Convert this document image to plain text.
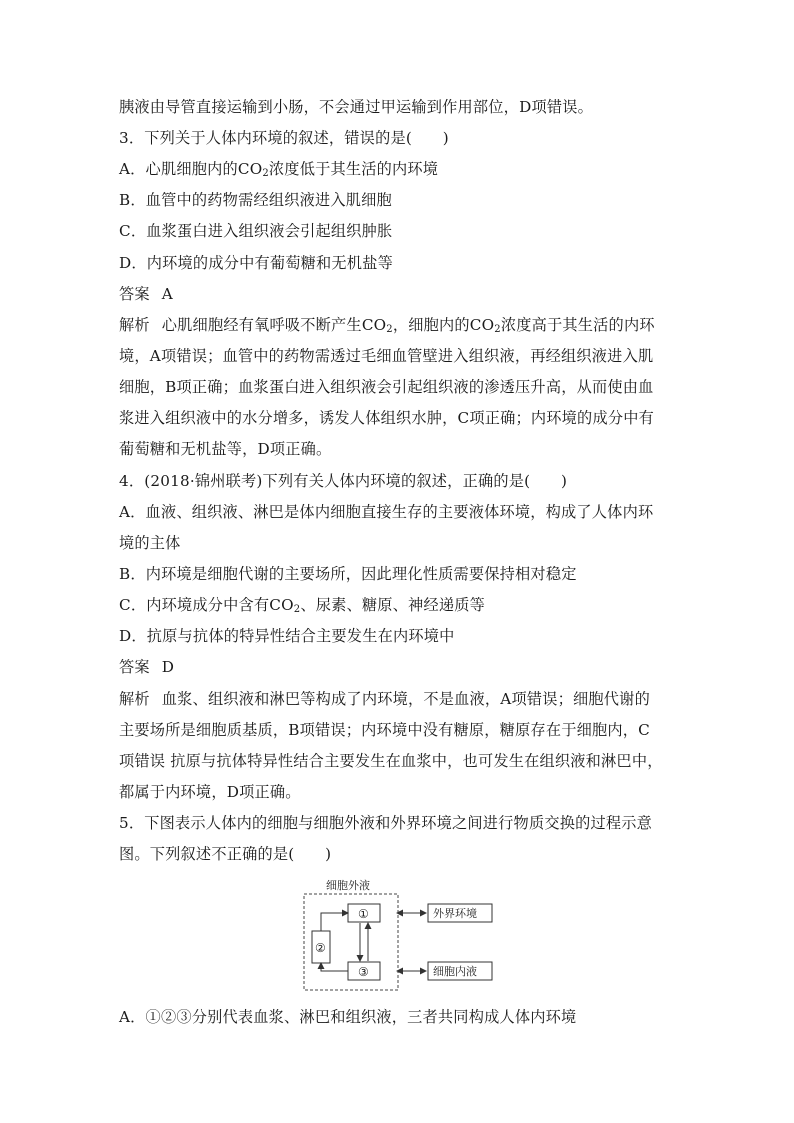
胰液由导管直接运输到小肠，不会通过甲运输到作用部位，D项错误。
3．下列关于人体内环境的叙述，错误的是(　　)
A．心肌细胞内的$CO_2$浓度低于其生活的内环境
B．血管中的药物需经组织液进入肌细胞
C．血浆蛋白进入组织液会引起组织肿胀
D．内环境的成分中有葡萄糖和无机盐等
答案 A
解析 心肌细胞经有氧呼吸不断产生$CO_2$，细胞内的$CO_2$浓度高于其生活的内环
境，A项错误；血管中的药物需透过毛细血管壁进入组织液，再经组织液进入肌
细胞，B项正确；血浆蛋白进入组织液会引起组织液的渗透压升高，从而使由血
浆进入组织液中的水分增多，诱发人体组织水肿，C项正确；内环境的成分中有
葡萄糖和无机盐等，D项正确。
4．(2018·锦州联考)下列有关人体内环境的叙述，正确的是(　　)
A．血液、组织液、淋巴是体内细胞直接生存的主要液体环境，构成了人体内环
境的主体
B．内环境是细胞代谢的主要场所，因此理化性质需要保持相对稳定
C．内环境成分中含有$CO_2$、尿素、糖原、神经递质等
D．抗原与抗体的特异性结合主要发生在内环境中
答案 D
解析 血浆、组织液和淋巴等构成了内环境，不是血液，A项错误；细胞代谢的
主要场所是细胞质基质，B项错误；内环境中没有糖原，糖原存在于细胞内，C
项错误 抗原与抗体特异性结合主要发生在血浆中，也可发生在组织液和淋巴中，
都属于内环境，D项正确。
5．下图表示人体内的细胞与细胞外液和外界环境之间进行物质交换的过程示意
图。下列叙述不正确的是(　　)
细胞外液
①
②
③
外界环境
细胞内液
A．①②③分别代表血浆、淋巴和组织液，三者共同构成人体内环境
